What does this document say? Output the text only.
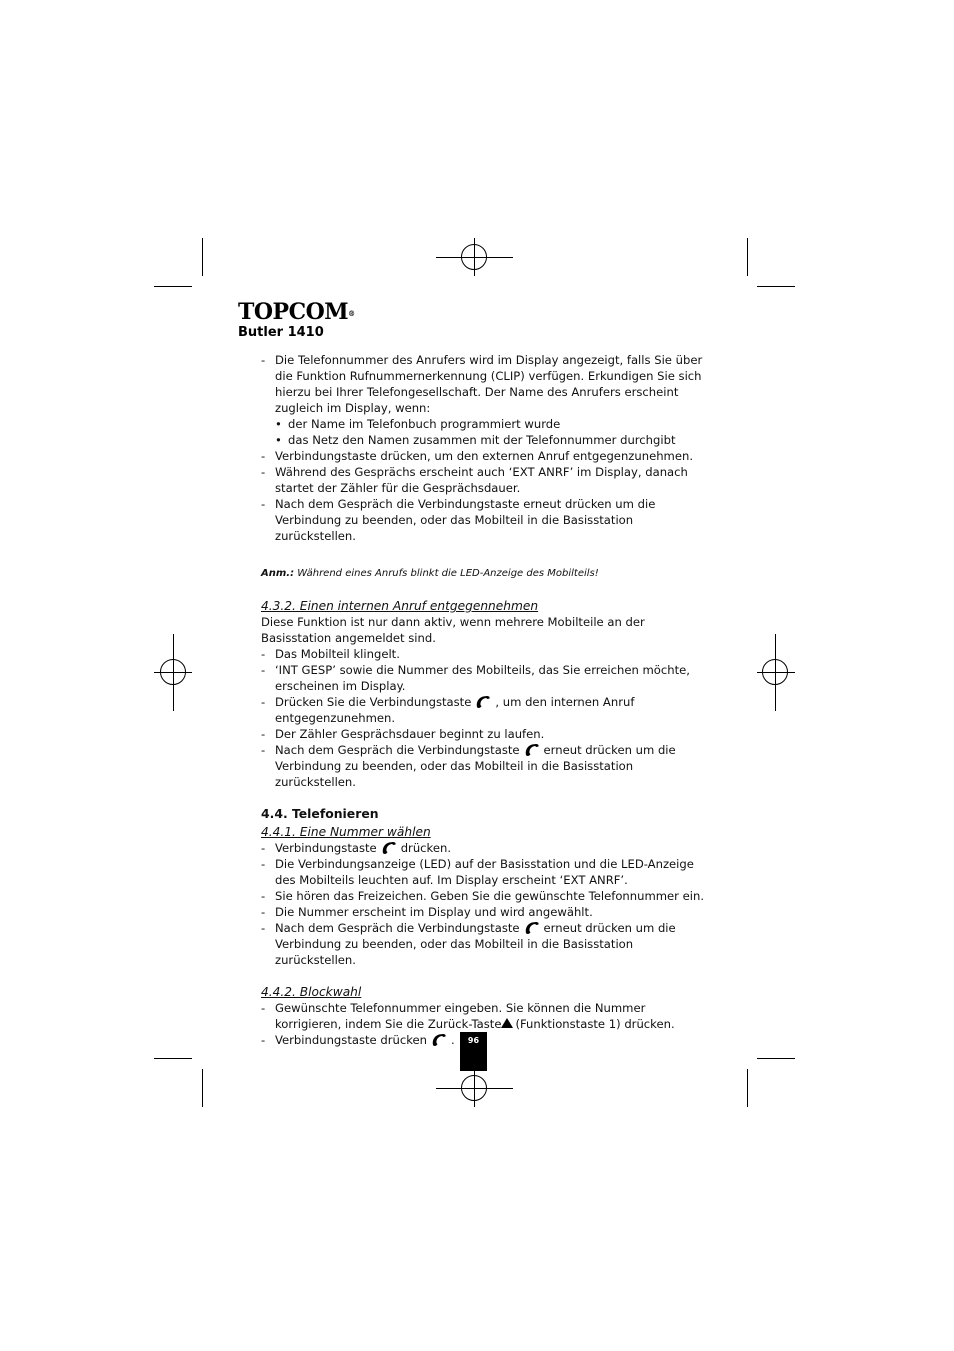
TOPCOM®
Butler 1410
- Die Telefonnummer des Anrufers wird im Display angezeigt, falls Sie über die Funktion Rufnummernerkennung (CLIP) verfügen. Erkundigen Sie sich hierzu bei Ihrer Telefongesellschaft. Der Name des Anrufers erscheint zugleich im Display, wenn:
• der Name im Telefonbuch programmiert wurde
• das Netz den Namen zusammen mit der Telefonnummer durchgibt
- Verbindungstaste drücken, um den externen Anruf entgegenzunehmen.
- Während des Gesprächs erscheint auch ‘EXT ANRF’ im Display, danach startet der Zähler für die Gesprächsdauer.
- Nach dem Gespräch die Verbindungstaste erneut drücken um die Verbindung zu beenden, oder das Mobilteil in die Basisstation zurückstellen.
Anm.: Während eines Anrufs blinkt die LED-Anzeige des Mobilteils!
4.3.2. Einen internen Anruf entgegennehmen
Diese Funktion ist nur dann aktiv, wenn mehrere Mobilteile an der Basisstation angemeldet sind.
- Das Mobilteil klingelt.
- ‘INT GESP’ sowie die Nummer des Mobilteils, das Sie erreichen möchte, erscheinen im Display.
- Drücken Sie die Verbindungstaste , um den internen Anruf entgegenzunehmen.
- Der Zähler Gesprächsdauer beginnt zu laufen.
- Nach dem Gespräch die Verbindungstaste erneut drücken um die Verbindung zu beenden, oder das Mobilteil in die Basisstation zurückstellen.
4.4. Telefonieren
4.4.1. Eine Nummer wählen
- Verbindungstaste drücken.
- Die Verbindungsanzeige (LED) auf der Basisstation und die LED-Anzeige des Mobilteils leuchten auf. Im Display erscheint ‘EXT ANRF’.
- Sie hören das Freizeichen. Geben Sie die gewünschte Telefonnummer ein.
- Die Nummer erscheint im Display und wird angewählt.
- Nach dem Gespräch die Verbindungstaste erneut drücken um die Verbindung zu beenden, oder das Mobilteil in die Basisstation zurückstellen.
4.4.2. Blockwahl
- Gewünschte Telefonnummer eingeben. Sie können die Nummer korrigieren, indem Sie die Zurück-Taste (Funktionstaste 1) drücken.
- Verbindungstaste drücken .	96
